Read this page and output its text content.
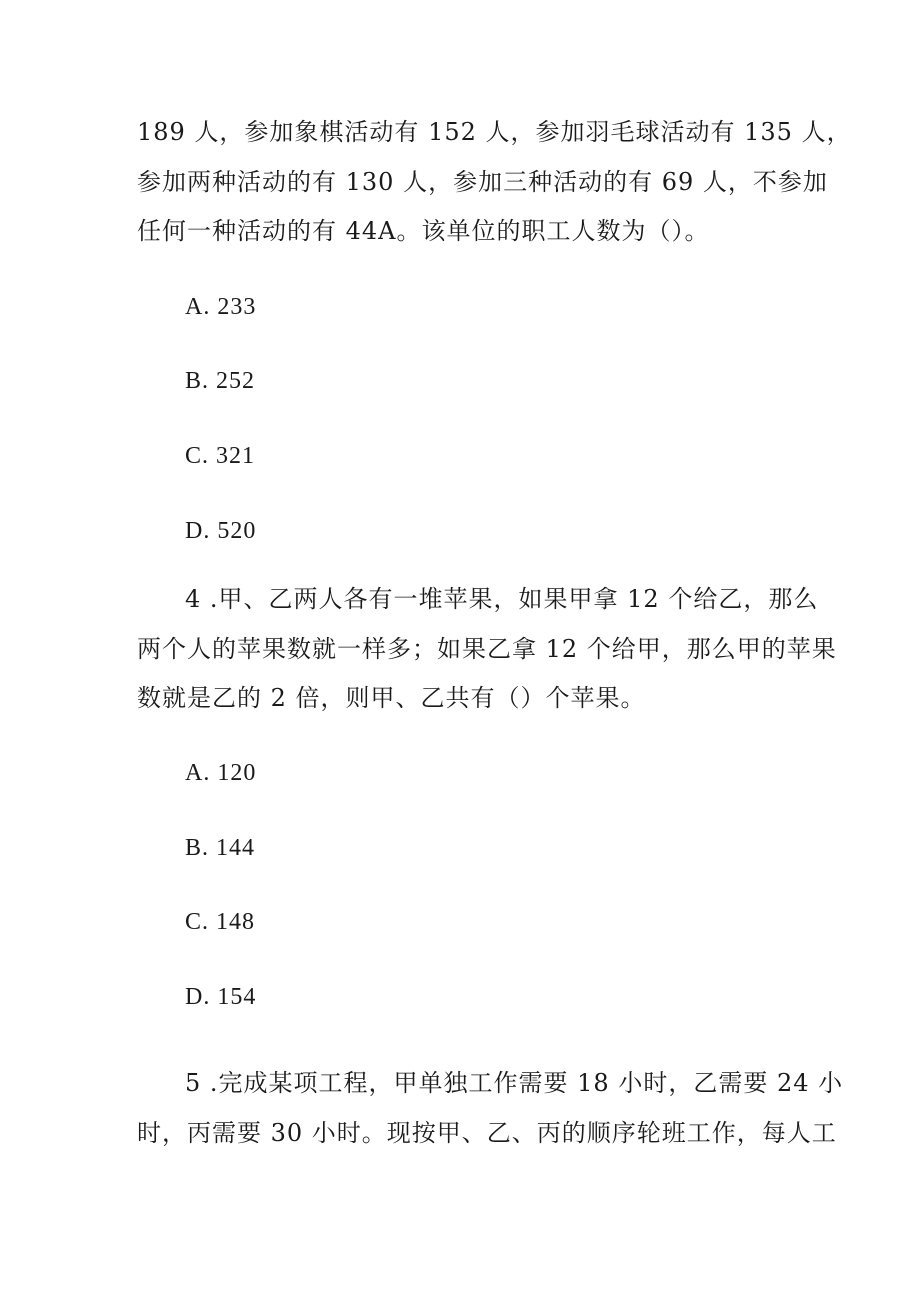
189 人，参加象棋活动有 152 人，参加羽毛球活动有 135 人，
参加两种活动的有 130 人，参加三种活动的有 69 人，不参加
任何一种活动的有 44A。该单位的职工人数为（）。
A. 233
B. 252
C. 321
D. 520
4 .甲、乙两人各有一堆苹果，如果甲拿 12 个给乙，那么
两个人的苹果数就一样多；如果乙拿 12 个给甲，那么甲的苹果
数就是乙的 2 倍，则甲、乙共有（）个苹果。
A. 120
B. 144
C. 148
D. 154
5 .完成某项工程，甲单独工作需要 18 小时，乙需要 24 小
时，丙需要 30 小时。现按甲、乙、丙的顺序轮班工作，每人工
